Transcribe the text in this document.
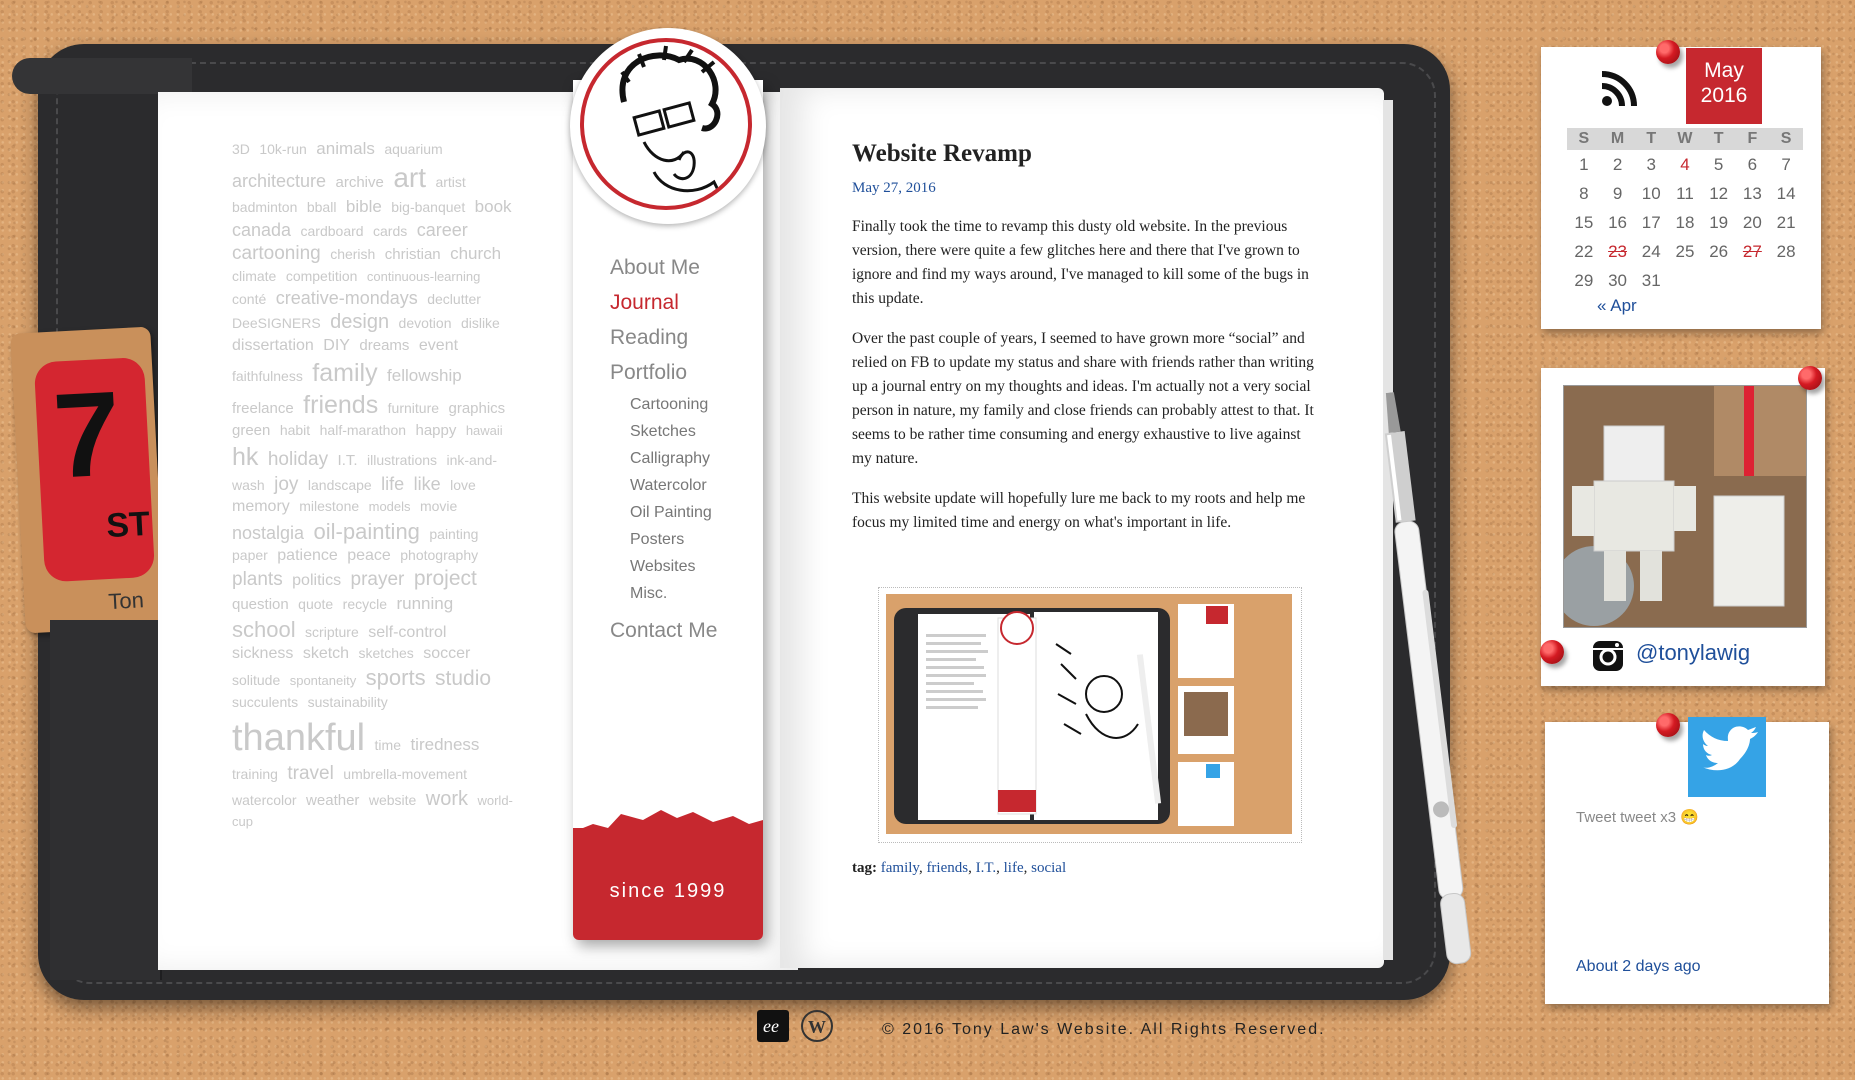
7
ST
Ton
3D 10k-run animals aquarium architecture archive art artist badminton bball bible big-banquet book canada cardboard cards career cartooning cherish christian church climate competition continuous-learning conté creative-mondays declutter DeeSIGNERS design devotion dislike dissertation DIY dreams event faithfulness family fellowship freelance friends furniture graphics green habit half-marathon happy hawaii hk holiday I.T. illustrations ink-and-wash joy landscape life like love memory milestone models movie nostalgia oil-painting painting paper patience peace photography plants politics prayer project question quote recycle running school scripture self-control sickness sketch sketches soccer solitude spontaneity sports studio succulents sustainability thankful time tiredness training travel umbrella-movement watercolor weather website work world-cup
since 1999
About Me
Journal
Reading
Portfolio
Cartooning
Sketches
Calligraphy
Watercolor
Oil Painting
Posters
Websites
Misc.
Contact Me
Website Revamp
May 27, 2016

Finally took the time to revamp this dusty old website. In the previous version, there were quite a few glitches here and there that I've grown to ignore and find my ways around, I've managed to kill some of the bugs in this update.

Over the past couple of years, I seemed to have grown more “social” and relied on FB to update my status and share with friends rather than writing up a journal entry on my thoughts and ideas. I'm actually not a very social person in nature, my family and close friends can probably attest to that. It seems to be rather time consuming and energy exhaustive to live against my nature.

This website update will hopefully lure me back to my roots and help me focus my limited time and energy on what's important in life.

tag: family, friends, I.T., life, social
ee W	© 2016 Tony Law's Website. All Rights Reserved.
May
2016
S	M	T	W	T	F	S
1	2	3	4	5	6	7
8	9	10	11	12	13	14
15	16	17	18	19	20	21
22	23	24	25	26	27	28
29	30	31				
« Apr
@tonylawig
Tweet tweet x3 😁
About 2 days ago
